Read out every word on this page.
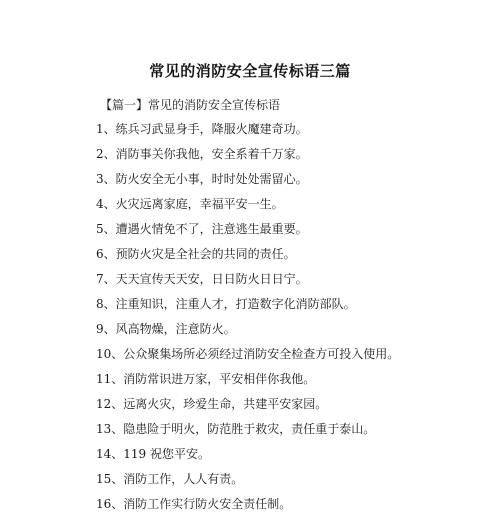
常见的消防安全宣传标语三篇
【篇一】常见的消防安全宣传标语
1、练兵习武显身手，降服火魔建奇功。
2、消防事关你我他，安全系着千万家。
3、防火安全无小事，时时处处需留心。
4、火灾远离家庭，幸福平安一生。
5、遭遇火情免不了，注意逃生最重要。
6、预防火灾是全社会的共同的责任。
7、天天宣传天天安，日日防火日日宁。
8、注重知识，注重人才，打造数字化消防部队。
9、风高物燥，注意防火。
10、公众聚集场所必须经过消防安全检查方可投入使用。
11、消防常识进万家，平安相伴你我他。
12、远离火灾，珍爱生命，共建平安家园。
13、隐患险于明火，防范胜于救灾，责任重于泰山。
14、119 祝您平安。
15、消防工作，人人有责。
16、消防工作实行防火安全责任制。
